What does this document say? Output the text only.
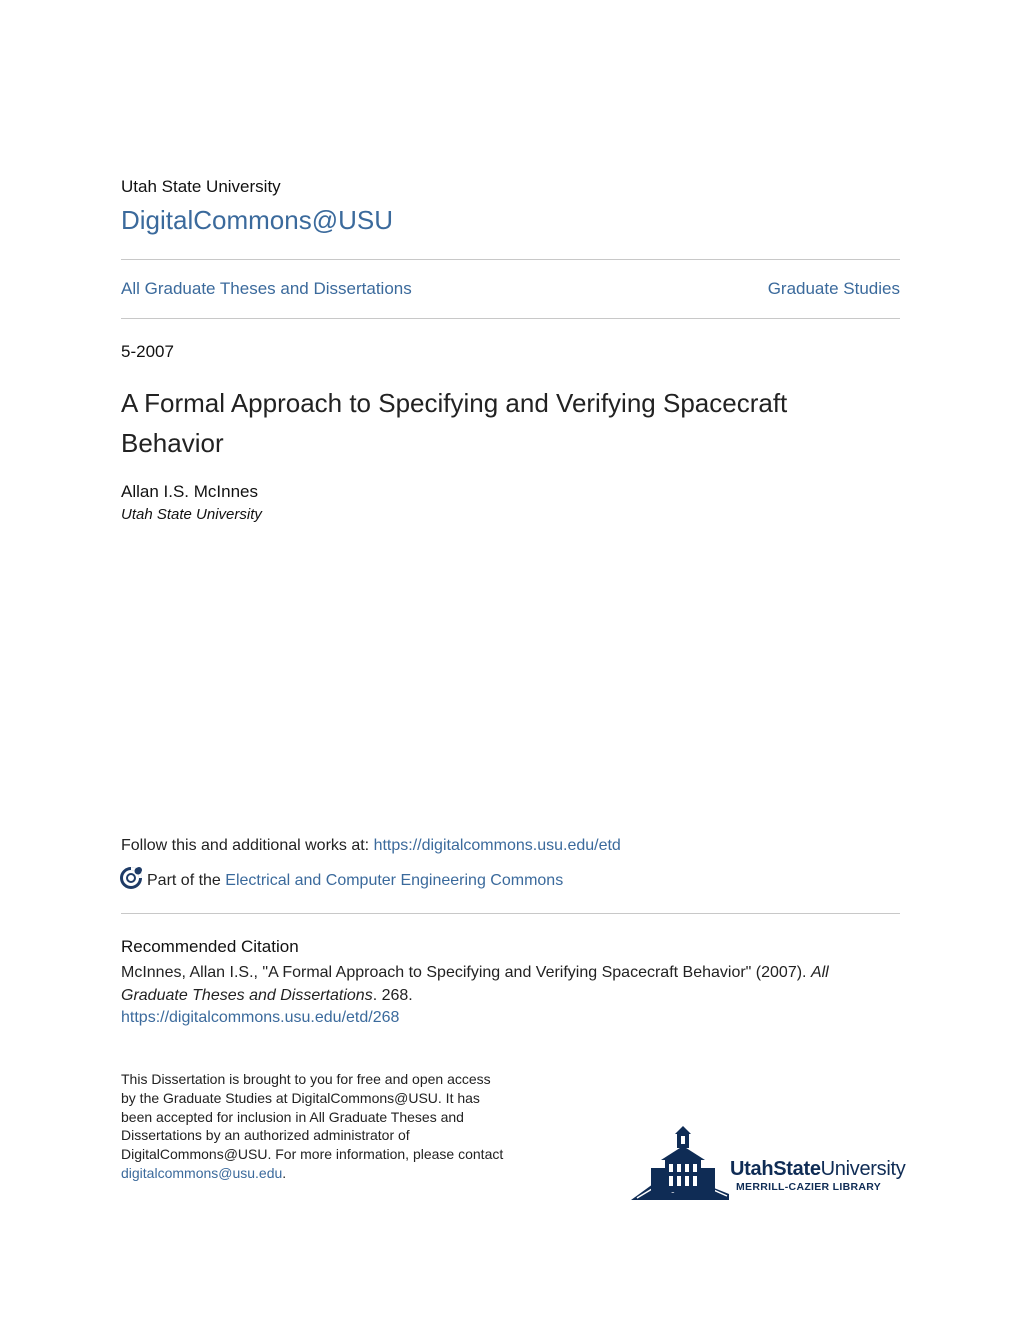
Utah State University

DigitalCommons@USU
All Graduate Theses and Dissertations	Graduate Studies

5-2007

A Formal Approach to Specifying and Verifying Spacecraft Behavior

Allan I.S. McInnes

Utah State University

Follow this and additional works at: https://digitalcommons.usu.edu/etd

Part of the Electrical and Computer Engineering Commons

Recommended Citation

McInnes, Allan I.S., "A Formal Approach to Specifying and Verifying Spacecraft Behavior" (2007). All Graduate Theses and Dissertations. 268.
https://digitalcommons.usu.edu/etd/268

This Dissertation is brought to you for free and open access by the Graduate Studies at DigitalCommons@USU. It has been accepted for inclusion in All Graduate Theses and Dissertations by an authorized administrator of DigitalCommons@USU. For more information, please contact digitalcommons@usu.edu.	UtahStateUniversity
MERRILL-CAZIER LIBRARY
